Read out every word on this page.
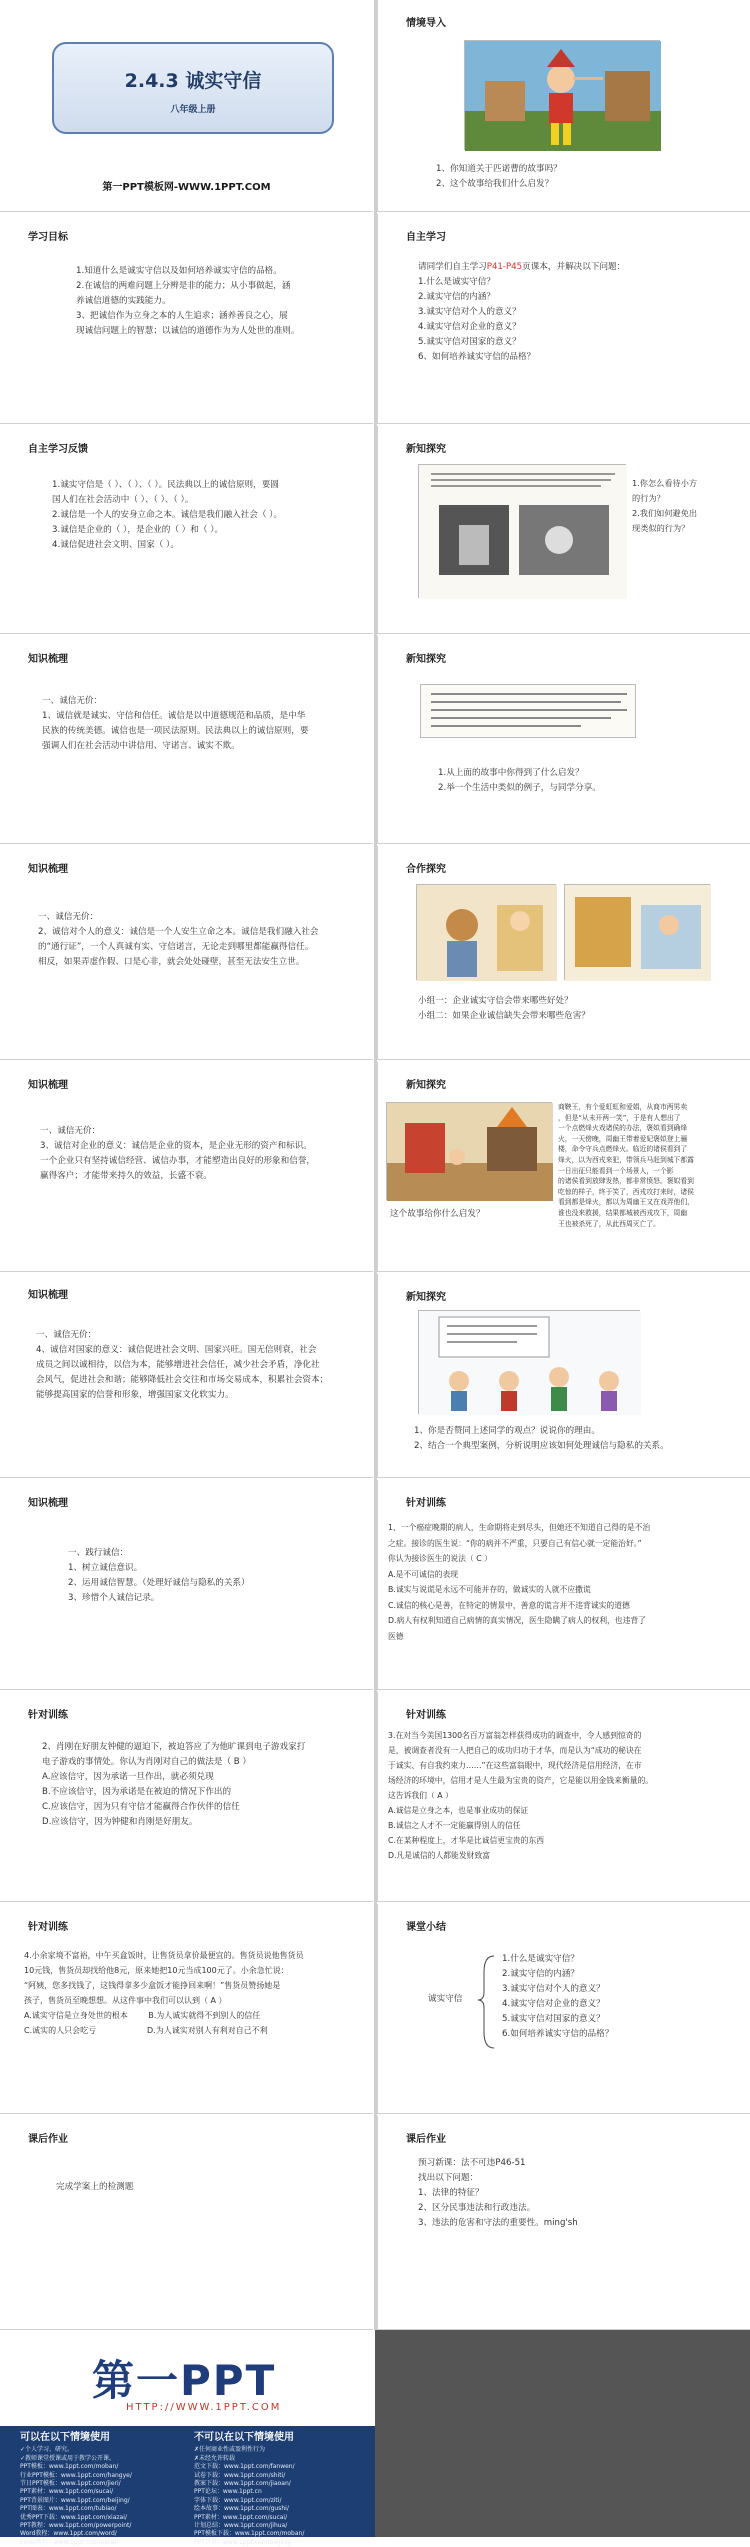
2.4.3 诚实守信
八年级上册
第一PPT模板网-WWW.1PPT.COM
情境导入

1、你知道关于匹诺曹的故事吗？

2、这个故事给我们什么启发？

学习目标

1.知道什么是诚实守信以及如何培养诚实守信的品格。

2.在诚信的两难问题上分辨是非的能力；从小事做起，涵

养诚信道德的实践能力。

3、把诚信作为立身之本的人生追求；涵养善良之心，展

现诚信问题上的智慧；以诚信的道德作为为人处世的准则。

自主学习

请同学们自主学习P41-P45页课本，并解决以下问题：

1.什么是诚实守信？

2.诚实守信的内涵？

3.诚实守信对个人的意义？

4.诚实守信对企业的意义？

5.诚实守信对国家的意义？

6、如何培养诚实守信的品格？

自主学习反馈

1.诚实守信是（ ）、（ ）、（ ）。民法典以上的诚信原则，要圆

国人们在社会活动中（ ）、（ ）、（ ）。

2.诚信是一个人的安身立命之本。诚信是我们融入社会（ ）。

3.诚信是企业的（ ），是企业的（ ）和（ ）。

4.诚信促进社会文明、国家（ ）。

新知探究

1.你怎么看待小方

的行为？

2.我们如何避免出

现类似的行为？

知识梳理

一、诚信无价：

1、诚信就是诚实、守信和信任。诚信是以中道德规范和品质，是中华

民族的传统美德。诚信也是一项民法原则。民法典以上的诚信原则，要

强调人们在社会活动中讲信用、守诺言、诚实不欺。

新知探究

1.从上面的故事中你得到了什么启发？

2.举一个生活中类似的例子，与同学分享。

知识梳理

一、诚信无价：

2、诚信对个人的意义：诚信是一个人安生立命之本。诚信是我们融入社会

的“通行证”，一个人真诚有实、守信诺言，无论走到哪里都能赢得信任。

相反，如果弄虚作假、口是心非，就会处处碰壁，甚至无法安生立世。

合作探究

小组一：企业诚实守信会带来哪些好处？

小组二：如果企业诚信缺失会带来哪些危害？

知识梳理

一、诚信无价：

3、诚信对企业的意义：诚信是企业的资本，是企业无形的资产和标识。

一个企业只有坚持诚信经营、诚信办事，才能塑造出良好的形象和信誉，

赢得客户；才能带来持久的效益，长盛不衰。

新知探究
这个故事给你什么启发？

商鞅王，有个爱虹虹和爱娟，从商市两男卖

，但是“从未开两一笑”，于是有人想出了

一个点燃烽火戏诸侯的办法，褒姒看到确烽

火，一天傍晚，周幽王带着爱妃褒姒登上骊

楼，命令守兵点燃烽火。临近的诸侯看到了

烽火，以为西戎来犯，带领兵马赶到城下都露

一日出征只能看到一个场景人，一个影

的诸侯看到放肆发热，都非常愤怒。褒姒看到

吃惊的样子，终于笑了，西戎攻打来时，诸侯

看到都是烽火，都以为周幽王又在戏弄他们，

谁也没来救援，结果都城被西戎攻下，周幽

王也被杀死了，从此西周灭亡了。

知识梳理

一、诚信无价：

4、诚信对国家的意义：诚信促进社会文明、国家兴旺。国无信则衰，社会

成员之间以诚相待，以信为本，能够增进社会信任，减少社会矛盾，净化社

会风气，促进社会和谐；能够降低社会交往和市场交易成本，积累社会资本；

能够提高国家的信誉和形象，增强国家文化软实力。

新知探究

1、你是否赞同上述同学的观点？说说你的理由。

2、结合一个典型案例，分析说明应该如何处理诚信与隐私的关系。

知识梳理

一、践行诚信：

1、树立诚信意识。

2、运用诚信智慧。（处理好诚信与隐私的关系）

3、珍惜个人诚信记录。

针对训练

1、一个癌症晚期的病人，生命期将走到尽头，但她还不知道自己得的是不治

之症。接诊的医生说：“你的病并不严重，只要自己有信心就一定能治好。”

你认为接诊医生的说法（ C ）

A.是不可诚信的表现

B.诚实与说谎是永远不可能并存的，做诚实的人就不应撒谎

C.诚信的核心是善，在特定的情景中，善意的谎言并不违背诚实的道德

D.病人有权利知道自己病情的真实情况，医生隐瞒了病人的权利，也违背了

医德

针对训练

2、肖刚在好朋友钟健的逼迫下，被迫答应了为他旷课到电子游戏家打

电子游戏的事情处。你认为肖刚对自己的做法是（ B ）

A.应该信守，因为承诺一旦作出，就必须兑现

B.不应该信守，因为承诺是在被迫的情况下作出的

C.应该信守，因为只有守信才能赢得合作伙伴的信任

D.应该信守，因为钟健和肖刚是好朋友。

针对训练

3.在对当今美国1300名百万富翁怎样获得成功的调查中，令人感到惊奇的

是，被调查者没有一人把自己的成功归功于才华，而是认为“成功的秘诀在

于诚实、有自我约束力……”在这些富翁眼中，现代经济是信用经济，在市

场经济的环境中，信用才是人生最为宝贵的资产，它是能以用金钱来衡量的。

这告诉我们（ A ）

A.诚信是立身之本，也是事业成功的保证

B.诚信之人才不一定能赢得别人的信任

C.在某种程度上，才华是比诚信更宝贵的东西

D.凡是诚信的人都能发财致富

针对训练

4.小余家境不富裕，中午买盒饭时，让售货员拿价最便宜的。售货员说他售货员

10元钱，售货员却找给他8元，原来她把10元当成100元了。小余急忙说：

“阿姨，您多找钱了，这钱得拿多少盒饭才能挣回来啊！”售货员赞扬她是

孩子，售货员至晚想想。从这件事中我们可以认到（ A ）

A.诚实守信是立身处世的根本	B.为人诚实就得不到别人的信任

C.诚实的人只会吃亏	D.为人诚实对别人有利对自己不利

课堂小结
诚实守信

1.什么是诚实守信？

2.诚实守信的内涵？

3.诚实守信对个人的意义？

4.诚实守信对企业的意义？

5.诚实守信对国家的意义？

6.如何培养诚实守信的品格？

课后作业
完成学案上的检测题
课后作业

预习新课：法不可违P46-51

找出以下问题：

1、法律的特征？

2、区分民事违法和行政违法。

3、违法的危害和守法的重要性。ming'sh

第一PPT
HTTP://WWW.1PPT.COM
可以在以下情境使用
✓个人学习、研究。
✓教师课堂授课或用于教学公开课。
PPT模板：www.1ppt.com/moban/
行业PPT模板：www.1ppt.com/hangye/
节日PPT模板：www.1ppt.com/jieri/
PPT素材：www.1ppt.com/sucai/
PPT背景图片：www.1ppt.com/beijing/
PPT图表：www.1ppt.com/tubiao/
优秀PPT下载：www.1ppt.com/xiazai/
PPT教程：www.1ppt.com/powerpoint/
Word教程：www.1ppt.com/word/
Excel教程：www.1ppt.com/excel/
不可以在以下情境使用
✗任何商业性或盈利性行为
✗未经允许转载
范文下载：www.1ppt.com/fanwen/
试卷下载：www.1ppt.com/shiti/
教案下载：www.1ppt.com/jiaoan/
PPT论坛：www.1ppt.cn
字体下载：www.1ppt.com/ziti/
绘本故事：www.1ppt.com/gushi/
PPT素材：www.1ppt.com/sucai/
计划总结：www.1ppt.com/jihua/
PPT模板下载：www.1ppt.com/moban/
PPT背景：www.1ppt.com/beijing/
